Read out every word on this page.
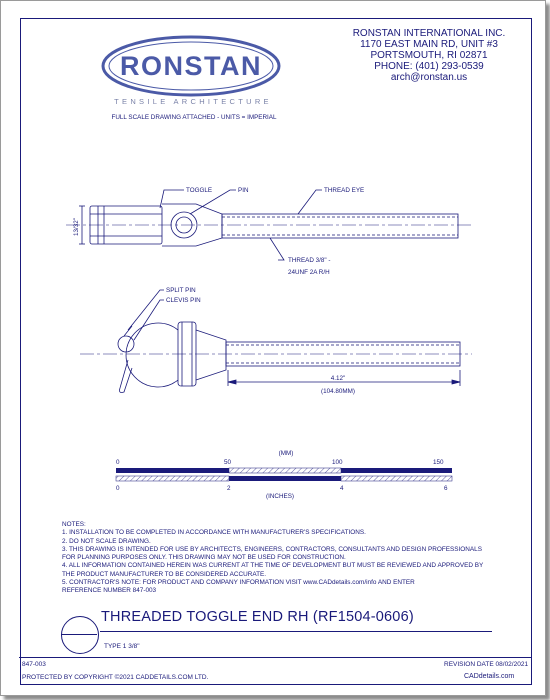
RONSTAN
TENSILE ARCHITECTURE
FULL SCALE DRAWING ATTACHED - UNITS = IMPERIAL
RONSTAN INTERNATIONAL INC.
1170 EAST MAIN RD, UNIT #3
PORTSMOUTH, RI 02871
PHONE: (401) 293-0539
arch@ronstan.us
TOGGLE	PIN	THREAD EYE
13/32"
THREAD 3/8" -
24UNF 2A R/H
SPLIT PIN
CLEVIS PIN
4.12"
(104.80MM)
(MM)
0	50	100	150
0	2	4	6
(INCHES)
NOTES:
1. INSTALLATION TO BE COMPLETED IN ACCORDANCE WITH MANUFACTURER'S SPECIFICATIONS.
2. DO NOT SCALE DRAWING.
3. THIS DRAWING IS INTENDED FOR USE BY ARCHITECTS, ENGINEERS, CONTRACTORS, CONSULTANTS AND DESIGN PROFESSIONALS
FOR PLANNING PURPOSES ONLY. THIS DRAWING MAY NOT BE USED FOR CONSTRUCTION.
4. ALL INFORMATION CONTAINED HEREIN WAS CURRENT AT THE TIME OF DEVELOPMENT BUT MUST BE REVIEWED AND APPROVED BY
THE PRODUCT MANUFACTURER TO BE CONSIDERED ACCURATE.
5. CONTRACTOR'S NOTE: FOR PRODUCT AND COMPANY INFORMATION VISIT www.CADdetails.com/info AND ENTER
REFERENCE NUMBER 847-003
THREADED TOGGLE END RH (RF1504-0606)
TYPE 1 3/8"
847-003	REVISION DATE 08/02/2021
PROTECTED BY COPYRIGHT ©2021 CADDETAILS.COM LTD.	CADdetails.com
